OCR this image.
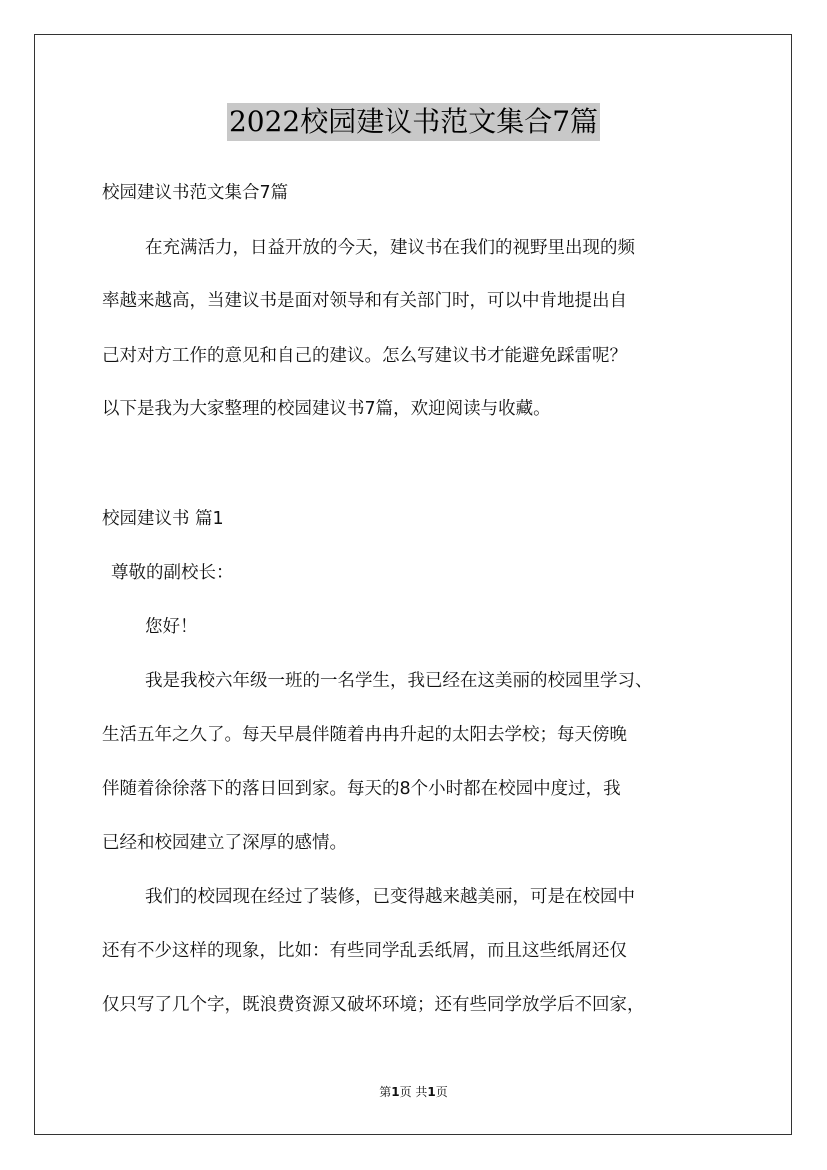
2022校园建议书范文集合7篇
校园建议书范文集合7篇
在充满活力，日益开放的今天，建议书在我们的视野里出现的频
率越来越高，当建议书是面对领导和有关部门时，可以中肯地提出自
己对对方工作的意见和自己的建议。怎么写建议书才能避免踩雷呢？
以下是我为大家整理的校园建议书7篇，欢迎阅读与收藏。
校园建议书 篇1
尊敬的副校长：
您好！
我是我校六年级一班的一名学生，我已经在这美丽的校园里学习、
生活五年之久了。每天早晨伴随着冉冉升起的太阳去学校；每天傍晚
伴随着徐徐落下的落日回到家。每天的8个小时都在校园中度过，我
已经和校园建立了深厚的感情。
我们的校园现在经过了装修，已变得越来越美丽，可是在校园中
还有不少这样的现象，比如：有些同学乱丢纸屑，而且这些纸屑还仅
仅只写了几个字，既浪费资源又破坏环境；还有些同学放学后不回家，
第1页 共1页
